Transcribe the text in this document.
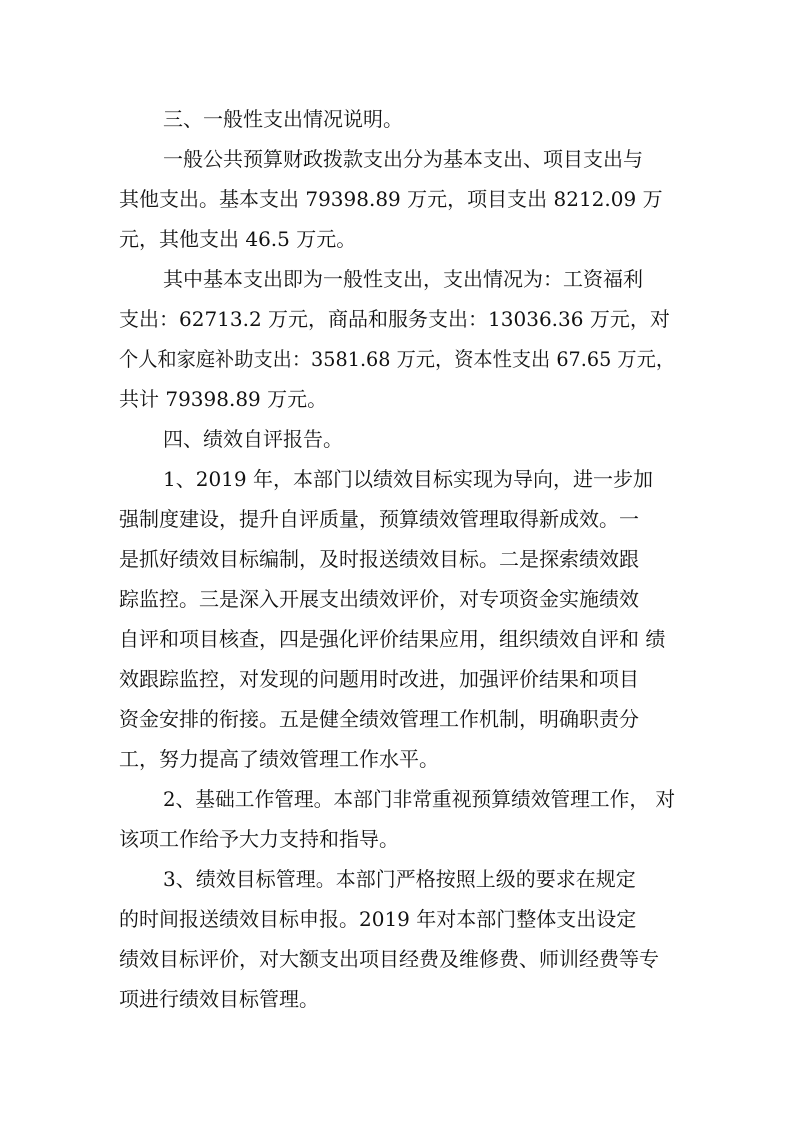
三、一般性支出情况说明。
一般公共预算财政拨款支出分为基本支出、项目支出与
其他支出。基本支出 79398.89 万元，项目支出 8212.09 万
元，其他支出 46.5 万元。
其中基本支出即为一般性支出，支出情况为：工资福利
支出：62713.2 万元，商品和服务支出：13036.36 万元，对
个人和家庭补助支出：3581.68 万元，资本性支出 67.65 万元，
共计 79398.89 万元。
四、绩效自评报告。
1、2019 年，本部门以绩效目标实现为导向，进一步加
强制度建设，提升自评质量，预算绩效管理取得新成效。一
是抓好绩效目标编制，及时报送绩效目标。二是探索绩效跟
踪监控。三是深入开展支出绩效评价，对专项资金实施绩效
自评和项目核查，四是强化评价结果应用，组织绩效自评和 绩
效跟踪监控，对发现的问题用时改进，加强评价结果和项目
资金安排的衔接。五是健全绩效管理工作机制，明确职责分
工，努力提高了绩效管理工作水平。
2、基础工作管理。本部门非常重视预算绩效管理工作， 对
该项工作给予大力支持和指导。
3、绩效目标管理。本部门严格按照上级的要求在规定
的时间报送绩效目标申报。2019 年对本部门整体支出设定
绩效目标评价，对大额支出项目经费及维修费、师训经费等专
项进行绩效目标管理。
